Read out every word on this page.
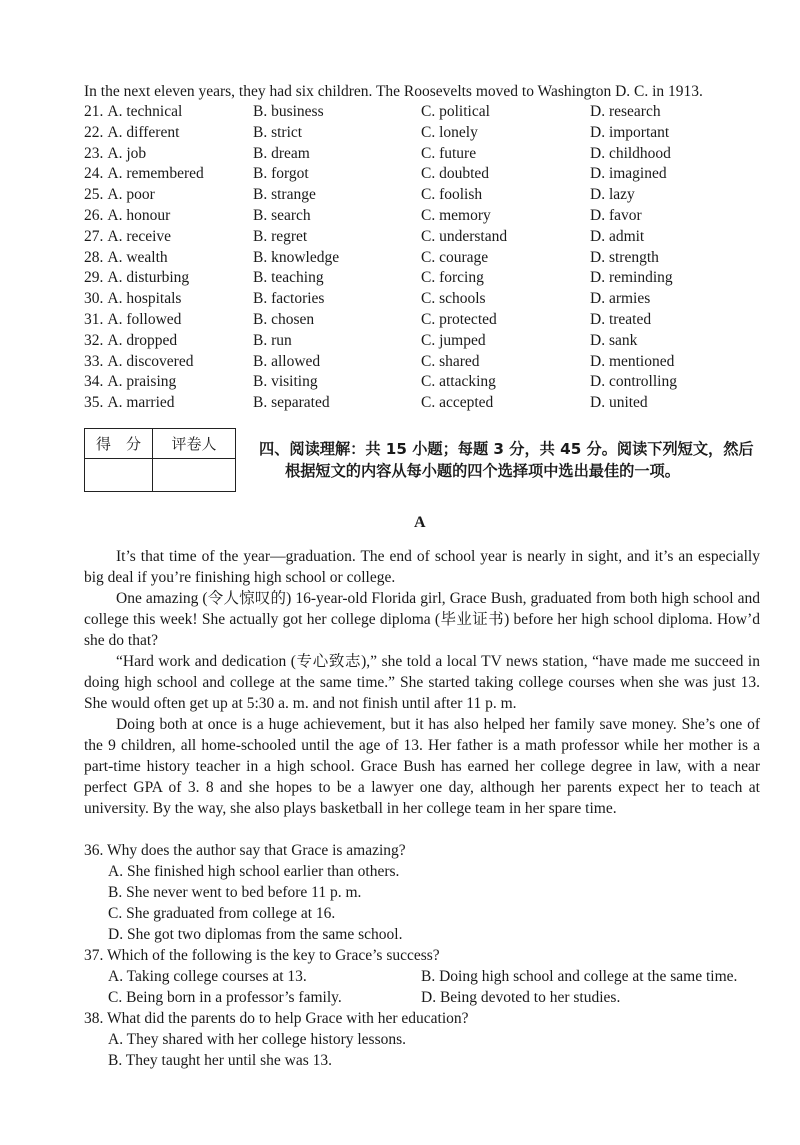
In the next eleven years, they had six children. The Roosevelts moved to Washington D. C. in 1913.
21. A. technical	B. business	C. political	D. research
22. A. different	B. strict	C. lonely	D. important
23. A. job	B. dream	C. future	D. childhood
24. A. remembered	B. forgot	C. doubted	D. imagined
25. A. poor	B. strange	C. foolish	D. lazy
26. A. honour	B. search	C. memory	D. favor
27. A. receive	B. regret	C. understand	D. admit
28. A. wealth	B. knowledge	C. courage	D. strength
29. A. disturbing	B. teaching	C. forcing	D. reminding
30. A. hospitals	B. factories	C. schools	D. armies
31. A. followed	B. chosen	C. protected	D. treated
32. A. dropped	B. run	C. jumped	D. sank
33. A. discovered	B. allowed	C. shared	D. mentioned
34. A. praising	B. visiting	C. attacking	D. controlling
35. A. married	B. separated	C. accepted	D. united
得　分	评卷人	四、阅读理解：共 15 小题；每题 3 分，共 45 分。阅读下列短文，然后
根据短文的内容从每小题的四个选择项中选出最佳的一项。
A
It’s that time of the year—graduation. The end of school year is nearly in sight, and it’s an especially big deal if you’re finishing high school or college.
One amazing (令人惊叹的) 16-year-old Florida girl, Grace Bush, graduated from both high school and college this week! She actually got her college diploma (毕业证书) before her high school diploma. How’d she do that?
“Hard work and dedication (专心致志),” she told a local TV news station, “have made me succeed in doing high school and college at the same time.” She started taking college courses when she was just 13. She would often get up at 5:30 a. m. and not finish until after 11 p. m.
Doing both at once is a huge achievement, but it has also helped her family save money. She’s one of the 9 children, all home-schooled until the age of 13. Her father is a math professor while her mother is a part-time history teacher in a high school. Grace Bush has earned her college degree in law, with a near perfect GPA of 3. 8 and she hopes to be a lawyer one day, although her parents expect her to teach at university. By the way, she also plays basketball in her college team in her spare time.
36. Why does the author say that Grace is amazing?
A. She finished high school earlier than others.
B. She never went to bed before 11 p. m.
C. She graduated from college at 16.
D. She got two diplomas from the same school.
37. Which of the following is the key to Grace’s success?
A. Taking college courses at 13.	B. Doing high school and college at the same time.
C. Being born in a professor’s family.	D. Being devoted to her studies.
38. What did the parents do to help Grace with her education?
A. They shared with her college history lessons.
B. They taught her until she was 13.
